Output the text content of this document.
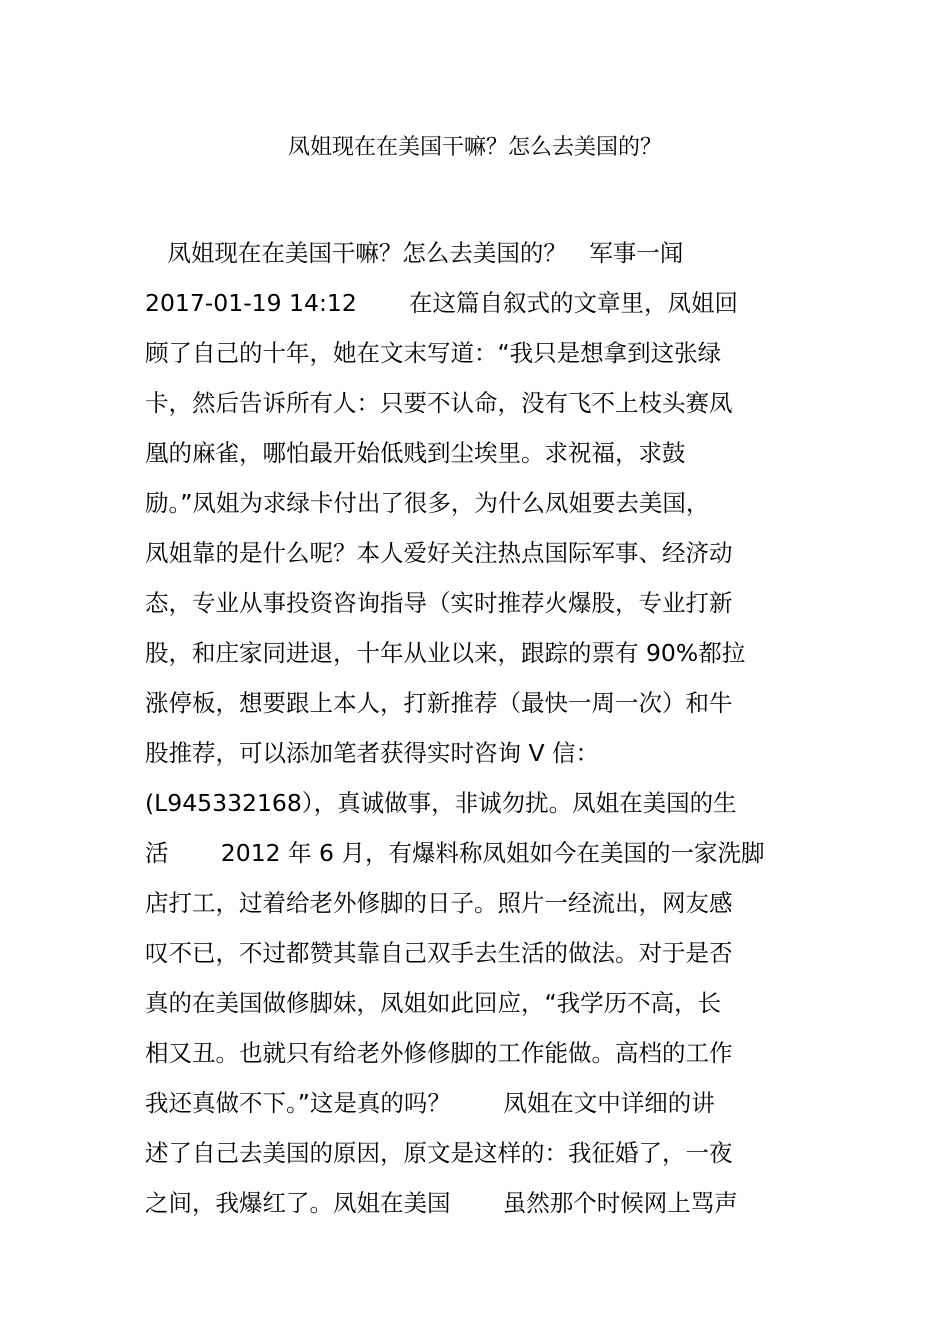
凤姐现在在美国干嘛？怎么去美国的？
凤姐现在在美国干嘛？怎么去美国的？   军事一闻
2017-01-19 14:12       在这篇自叙式的文章里，凤姐回
顾了自己的十年，她在文末写道：“我只是想拿到这张绿
卡，然后告诉所有人：只要不认命，没有飞不上枝头赛凤
凰的麻雀，哪怕最开始低贱到尘埃里。求祝福，求鼓
励。”凤姐为求绿卡付出了很多，为什么凤姐要去美国，
凤姐靠的是什么呢？本人爱好关注热点国际军事、经济动
态，专业从事投资咨询指导（实时推荐火爆股，专业打新
股，和庄家同进退，十年从业以来，跟踪的票有 90%都拉
涨停板，想要跟上本人，打新推荐（最快一周一次）和牛
股推荐，可以添加笔者获得实时咨询 V 信：
(L945332168），真诚做事，非诚勿扰。凤姐在美国的生
活       2012 年 6 月，有爆料称凤姐如今在美国的一家洗脚
店打工，过着给老外修脚的日子。照片一经流出，网友感
叹不已，不过都赞其靠自己双手去生活的做法。对于是否
真的在美国做修脚妹，凤姐如此回应，“我学历不高，长
相又丑。也就只有给老外修修脚的工作能做。高档的工作
我还真做不下。”这是真的吗？       凤姐在文中详细的讲
述了自己去美国的原因，原文是这样的：我征婚了，一夜
之间，我爆红了。凤姐在美国       虽然那个时候网上骂声
